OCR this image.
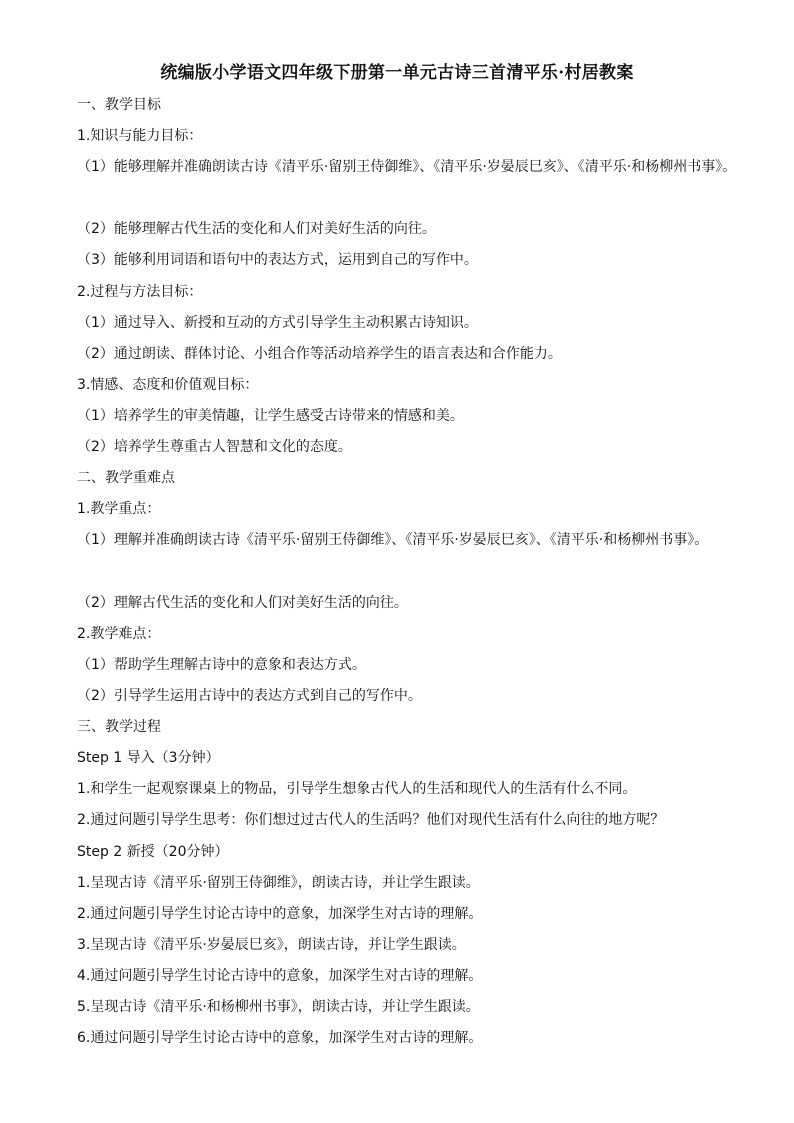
统编版小学语文四年级下册第一单元古诗三首清平乐·村居教案
一、教学目标
1.知识与能力目标：
（1）能够理解并准确朗读古诗《清平乐·留别王侍御维》、《清平乐·岁晏辰巳亥》、《清平乐·和杨柳州书事》。
（2）能够理解古代生活的变化和人们对美好生活的向往。
（3）能够利用词语和语句中的表达方式，运用到自己的写作中。
2.过程与方法目标：
（1）通过导入、新授和互动的方式引导学生主动积累古诗知识。
（2）通过朗读、群体讨论、小组合作等活动培养学生的语言表达和合作能力。
3.情感、态度和价值观目标：
（1）培养学生的审美情趣，让学生感受古诗带来的情感和美。
（2）培养学生尊重古人智慧和文化的态度。
二、教学重难点
1.教学重点：
（1）理解并准确朗读古诗《清平乐·留别王侍御维》、《清平乐·岁晏辰巳亥》、《清平乐·和杨柳州书事》。
（2）理解古代生活的变化和人们对美好生活的向往。
2.教学难点：
（1）帮助学生理解古诗中的意象和表达方式。
（2）引导学生运用古诗中的表达方式到自己的写作中。
三、教学过程
Step 1 导入（3分钟）
1.和学生一起观察课桌上的物品，引导学生想象古代人的生活和现代人的生活有什么不同。
2.通过问题引导学生思考：你们想过过古代人的生活吗？他们对现代生活有什么向往的地方呢？
Step 2 新授（20分钟）
1.呈现古诗《清平乐·留别王侍御维》，朗读古诗，并让学生跟读。
2.通过问题引导学生讨论古诗中的意象，加深学生对古诗的理解。
3.呈现古诗《清平乐·岁晏辰巳亥》，朗读古诗，并让学生跟读。
4.通过问题引导学生讨论古诗中的意象，加深学生对古诗的理解。
5.呈现古诗《清平乐·和杨柳州书事》，朗读古诗，并让学生跟读。
6.通过问题引导学生讨论古诗中的意象，加深学生对古诗的理解。
